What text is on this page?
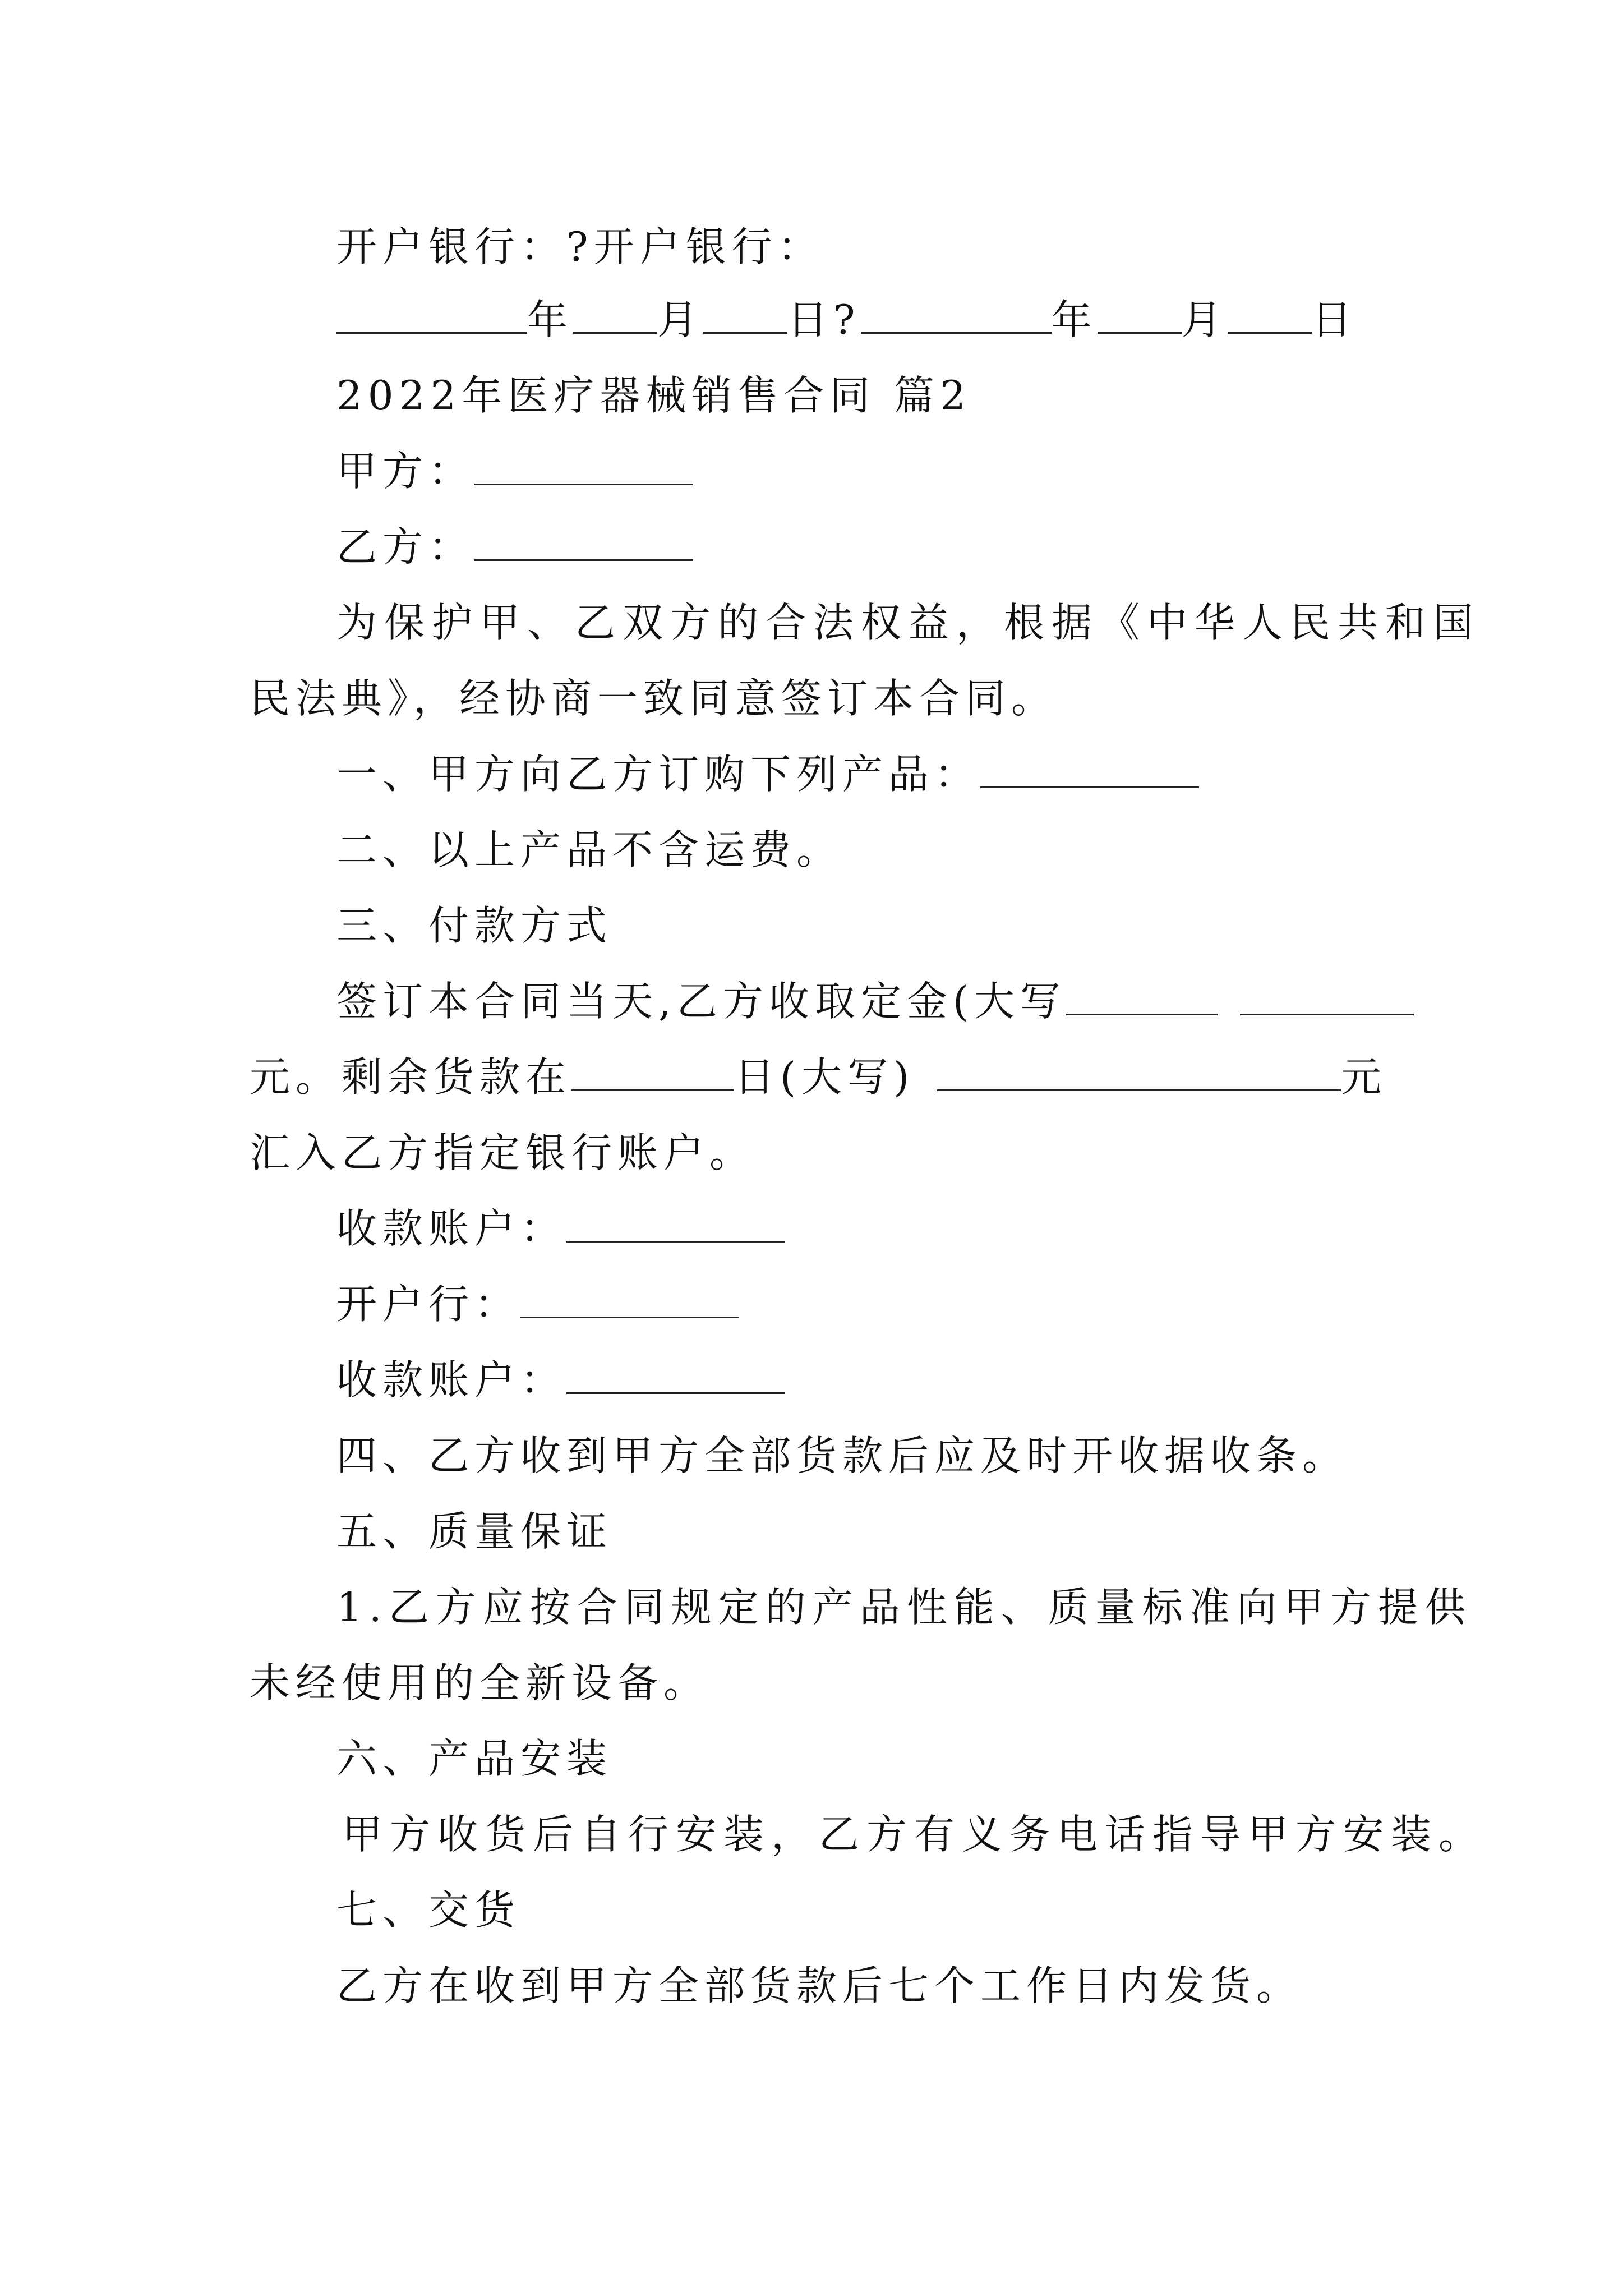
开户银行：?开户银行：
年 月 日?	年 月 日
2022年医疗器械销售合同 篇2
甲方：
乙方：
为保护甲、乙双方的合法权益，根据《中华人民共和国
民法典》，经协商一致同意签订本合同。
一、甲方向乙方订购下列产品：
二、以上产品不含运费。
三、付款方式
签订本合同当天,乙方收取定金(大写
元。剩余货款在	日(大写)	元
汇入乙方指定银行账户。
收款账户：
开户行：
收款账户：
四、乙方收到甲方全部货款后应及时开收据收条。
五、质量保证
1.乙方应按合同规定的产品性能、质量标准向甲方提供
未经使用的全新设备。
六、产品安装
甲方收货后自行安装，乙方有义务电话指导甲方安装。
七、交货
乙方在收到甲方全部货款后七个工作日内发货。
